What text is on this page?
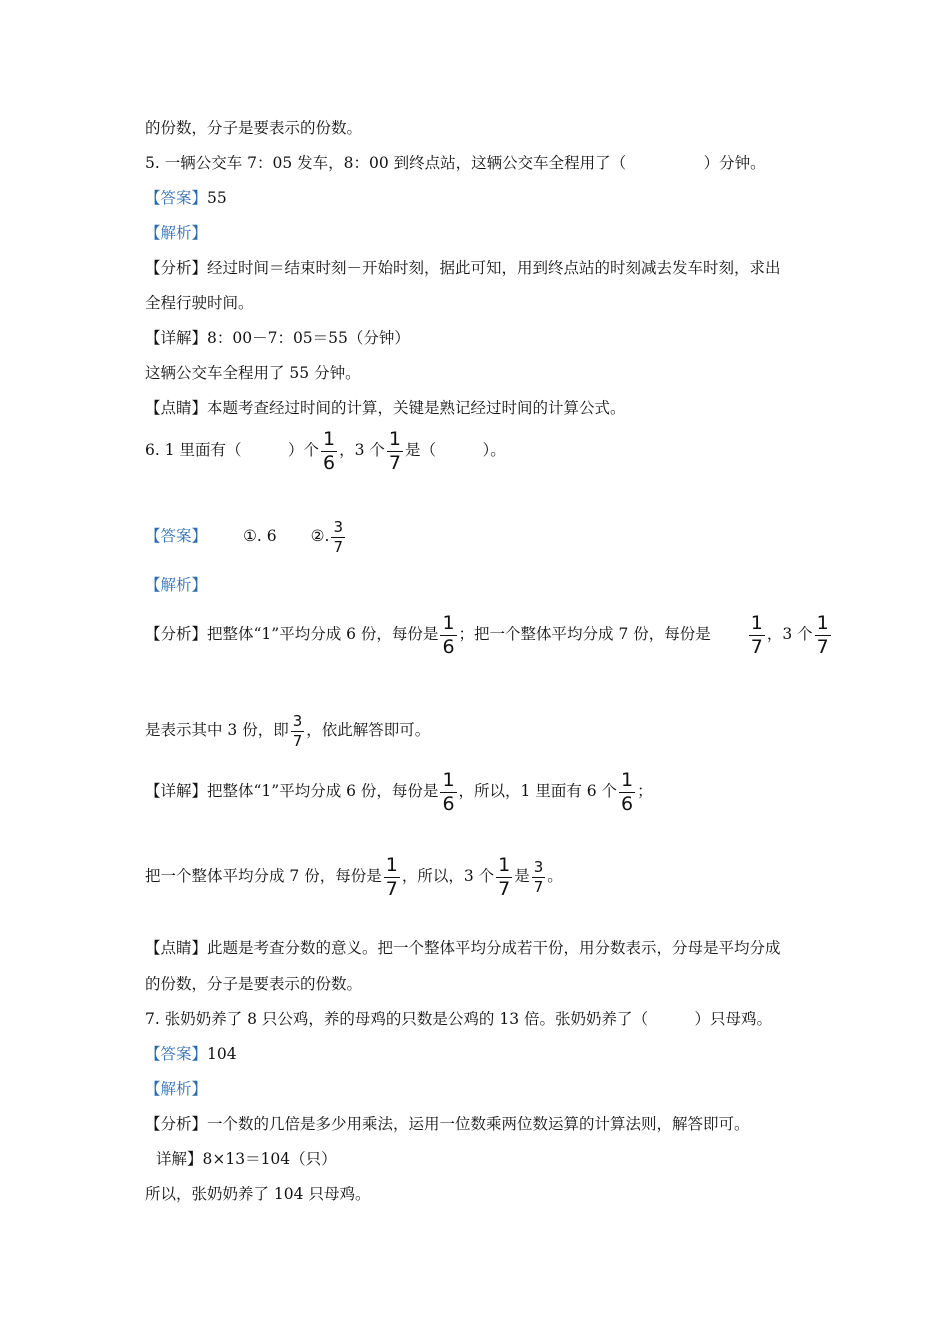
的份数，分子是要表示的份数。
5. 一辆公交车 7：05 发车，8：00 到终点站，这辆公交车全程用了（　　　　　）分钟。
【答案】55
【解析】
【分析】经过时间＝结束时刻－开始时刻，据此可知，用到终点站的时刻减去发车时刻，求出
全程行驶时间。
【详解】8：00－7：05＝55（分钟）
这辆公交车全程用了 55 分钟。
【点睛】本题考查经过时间的计算，关键是熟记经过时间的计算公式。
6. 1 里面有（　　　）个 $\frac{1}{6}$ ，3 个 $\frac{1}{7}$ 是（　　　）。
【答案】 ①. 6 ②. $\frac{3}{7}$
【解析】
【分析】把整体“1”平均分成 6 份，每份是 $\frac{1}{6}$ ；把一个整体平均分成 7 份，每份是 $\frac{1}{7}$ ，3 个 $\frac{1}{7}$
是表示其中 3 份，即 $\frac{3}{7}$ ，依此解答即可。
【详解】把整体“1”平均分成 6 份，每份是 $\frac{1}{6}$ ，所以，1 里面有 6 个 $\frac{1}{6}$ ；
把一个整体平均分成 7 份，每份是 $\frac{1}{7}$ ，所以，3 个 $\frac{1}{7}$ 是 $\frac{3}{7}$ 。
【点睛】此题是考查分数的意义。把一个整体平均分成若干份，用分数表示，分母是平均分成
的份数，分子是要表示的份数。
7. 张奶奶养了 8 只公鸡，养的母鸡的只数是公鸡的 13 倍。张奶奶养了（　　　）只母鸡。
【答案】104
【解析】
【分析】一个数的几倍是多少用乘法，运用一位数乘两位数运算的计算法则，解答即可。
详解】8×13＝104（只）
所以，张奶奶养了 104 只母鸡。
